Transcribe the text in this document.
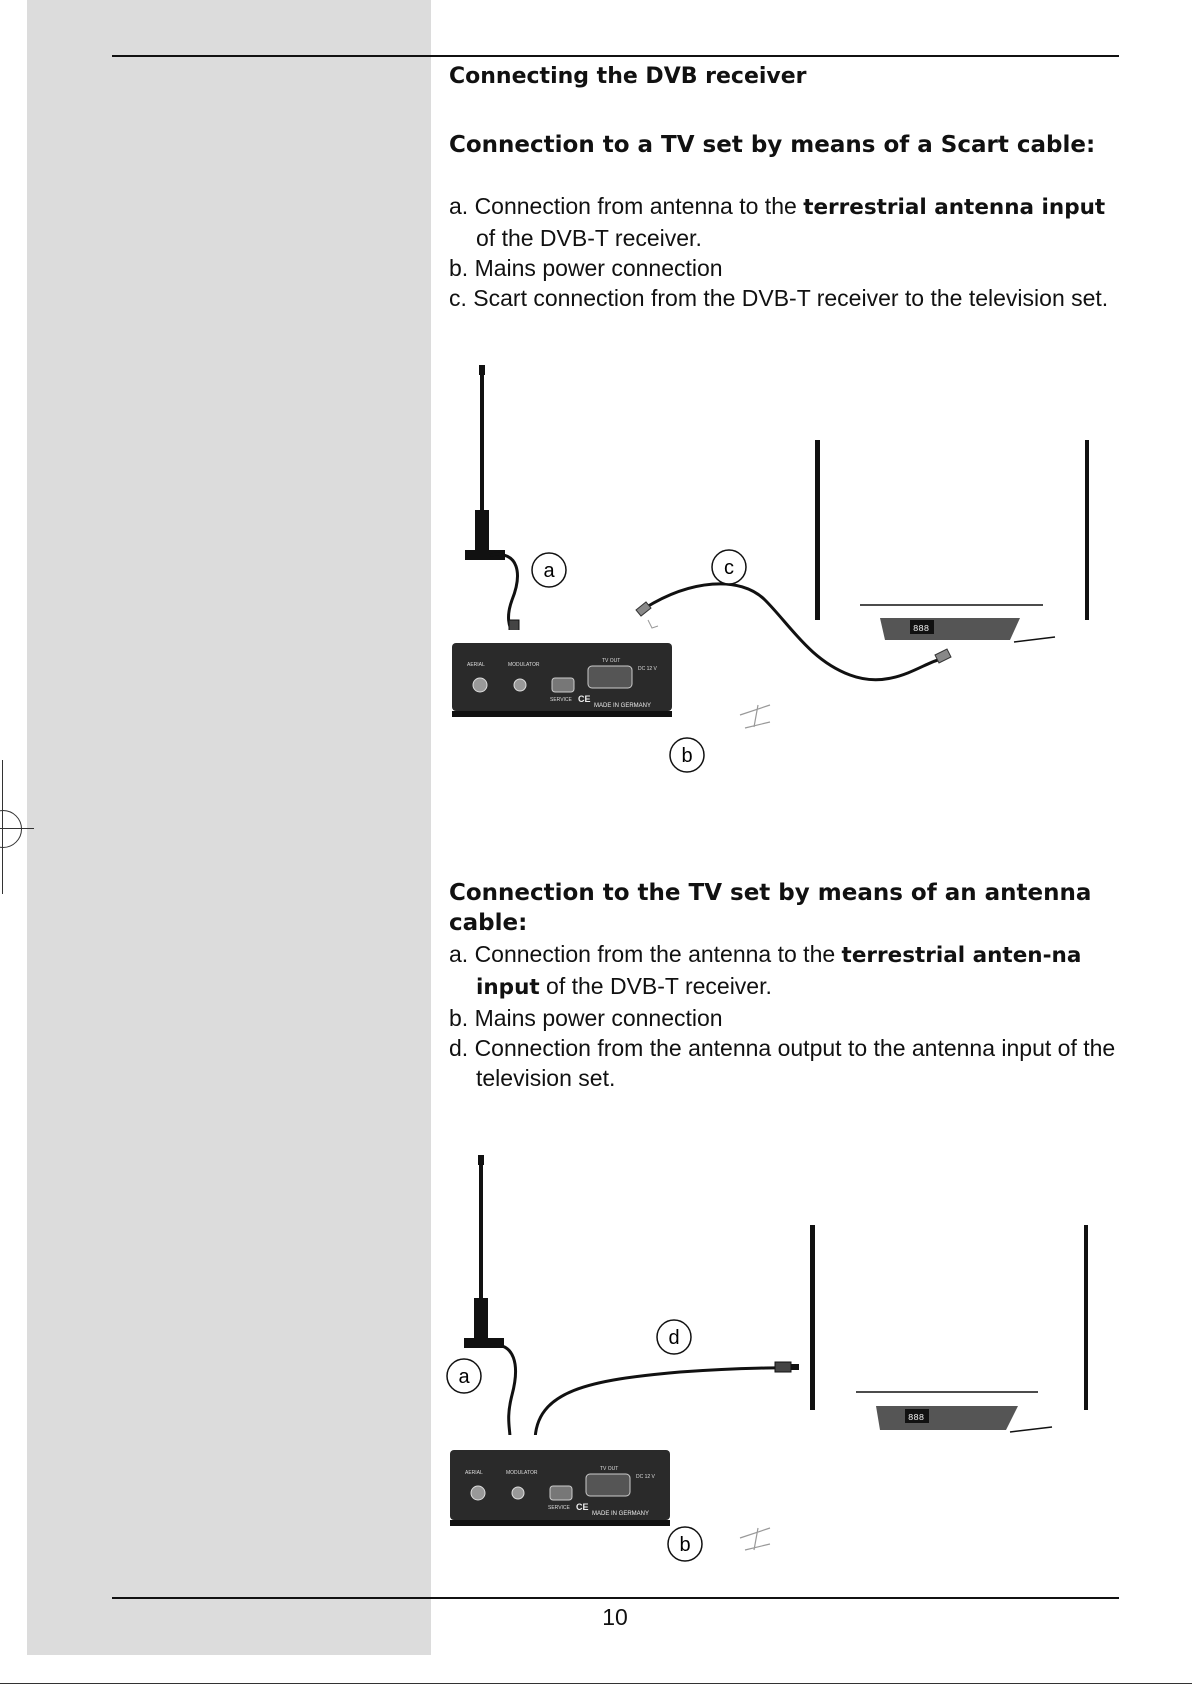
Connecting the DVB receiver
Connection to a TV set by means of a Scart cable:
a. Connection from antenna to the terrestrial antenna input of the DVB-T receiver.
b. Mains power connection
c. Scart connection from the DVB-T receiver to the television set.
AERIAL	MODULATOR
SERVICE
TV OUT
DC 12 V
CE
MADE IN GERMANY
888
a	c
b
Connection to the TV set by means of an antenna cable:
a. Connection from the antenna to the terrestrial anten-na input of the DVB-T receiver.
b. Mains power connection
d. Connection from the antenna output to the antenna input of the television set.
AERIAL	MODULATOR
SERVICE
TV OUT
DC 12 V
CE
MADE IN GERMANY
888
d
a
b
10
